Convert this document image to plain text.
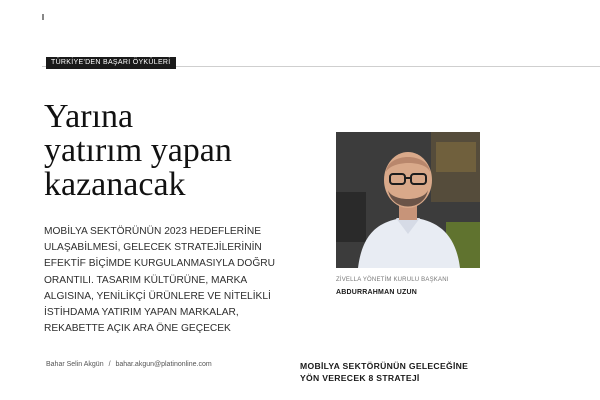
TÜRKİYE'DEN BAŞARI ÖYKÜLERİ
Yarına
yatırım yapan
kazanacak

MOBİLYA SEKTÖRÜNÜN 2023 HEDEFLERİNE ULAŞABİLMESİ, GELECEK STRATEJİLERİNİN EFEKTİF BİÇİMDE KURGULANMASIYLA DOĞRU ORANTILI. TASARIM KÜLTÜRÜNE, MARKA ALGISINA, YENİLİKÇİ ÜRÜNLERE VE NİTELİKLİ İSTİHDAMA YATIRIM YAPAN MARKALAR, REKABETTE AÇIK ARA ÖNE GEÇECEK

Bahar Selin Akgün / bahar.akgun@platinonline.com
ZİVELLA YÖNETİM KURULU BAŞKANI
ABDURRAHMAN UZUN
MOBİLYA SEKTÖRÜNÜN GELECEĞİNE
YÖN VERECEK 8 STRATEJİ
